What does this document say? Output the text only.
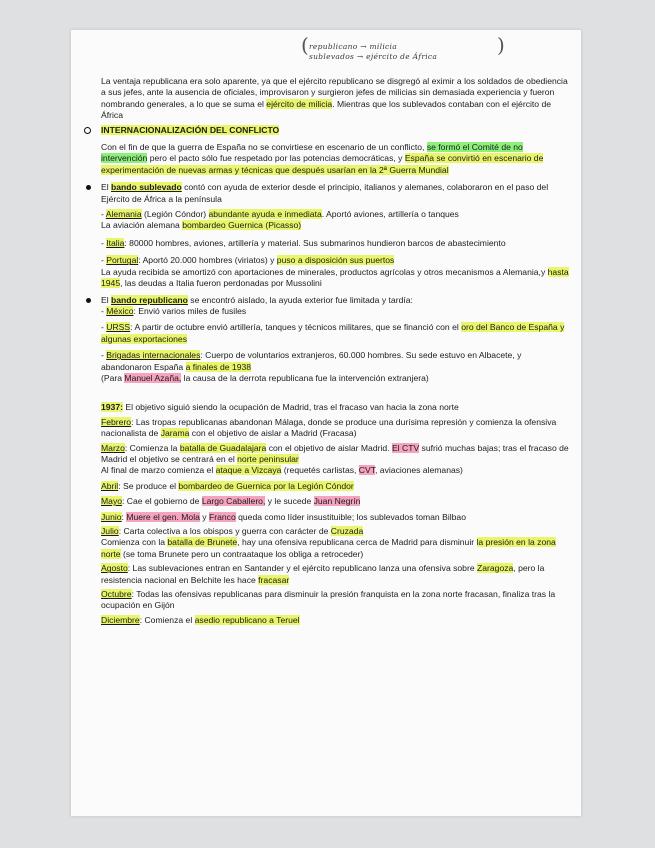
( republicano → milicia
sublevados → ejército de África	)

La ventaja republicana era solo aparente, ya que el ejército republicano se disgregó al eximir a los soldados de obediencia a sus jefes, ante la ausencia de oficiales, improvisaron y surgieron jefes de milicias sin demasiada experiencia y fueron nombrando generales, a lo que se suma el ejército de milicia. Mientras que los sublevados contaban con el ejército de África

INTERNACIONALIZACIÓN DEL CONFLICTO

Con el fin de que la guerra de España no se convirtiese en escenario de un conflicto, se formó el Comité de no intervención pero el pacto sólo fue respetado por las potencias democráticas, y España se convirtió en escenario de experimentación de nuevas armas y técnicas que después usarían en la 2ª Guerra Mundial

El bando sublevado contó con ayuda de exterior desde el principio, italianos y alemanes, colaboraron en el paso del Ejército de África a la península

- Alemania (Legión Cóndor) abundante ayuda e inmediata. Aportó aviones, artillería o tanques
La aviación alemana bombardeo Guernica (Picasso)

- Italia: 80000 hombres, aviones, artillería y material. Sus submarinos hundieron barcos de abastecimiento

- Portugal: Aportó 20.000 hombres (viriatos) y puso a disposición sus puertos
La ayuda recibida se amortizó con aportaciones de minerales, productos agrícolas y otros mecanismos a Alemania,y hasta 1945, las deudas a Italia fueron perdonadas por Mussolini

El bando republicano se encontró aislado, la ayuda exterior fue limitada y tardía:

- México: Envió varios miles de fusiles

- URSS: A partir de octubre envió artillería, tanques y técnicos militares, que se financió con el oro del Banco de España y algunas exportaciones

- Brigadas internacionales: Cuerpo de voluntarios extranjeros, 60.000 hombres. Su sede estuvo en Albacete, y abandonaron España a finales de 1938

(Para Manuel Azaña, la causa de la derrota republicana fue la intervención extranjera)

1937: El objetivo siguió siendo la ocupación de Madrid, tras el fracaso van hacia la zona norte

Febrero: Las tropas republicanas abandonan Málaga, donde se produce una durísima represión y comienza la ofensiva nacionalista de Jarama con el objetivo de aislar a Madrid (Fracasa)

Marzo: Comienza la batalla de Guadalajara con el objetivo de aislar Madrid. El CTV sufrió muchas bajas; tras el fracaso de Madrid el objetivo se centrará en el norte peninsular
Al final de marzo comienza el ataque a Vizcaya (requetés carlistas, CVT, aviaciones alemanas)

Abril: Se produce el bombardeo de Guernica por la Legión Cóndor

Mayo: Cae el gobierno de Largo Caballero, y le sucede Juan Negrín

Junio: Muere el gen. Mola y Franco queda como líder insustituible; los sublevados toman Bilbao

Julio: Carta colectiva a los obispos y guerra con carácter de Cruzada
Comienza con la batalla de Brunete, hay una ofensiva republicana cerca de Madrid para disminuir la presión en la zona norte (se toma Brunete pero un contraataque los obliga a retroceder)

Agosto: Las sublevaciones entran en Santander y el ejército republicano lanza una ofensiva sobre Zaragoza, pero la resistencia nacional en Belchite les hace fracasar

Octubre: Todas las ofensivas republicanas para disminuir la presión franquista en la zona norte fracasan, finaliza tras la ocupación en Gijón

Diciembre: Comienza el asedio republicano a Teruel
